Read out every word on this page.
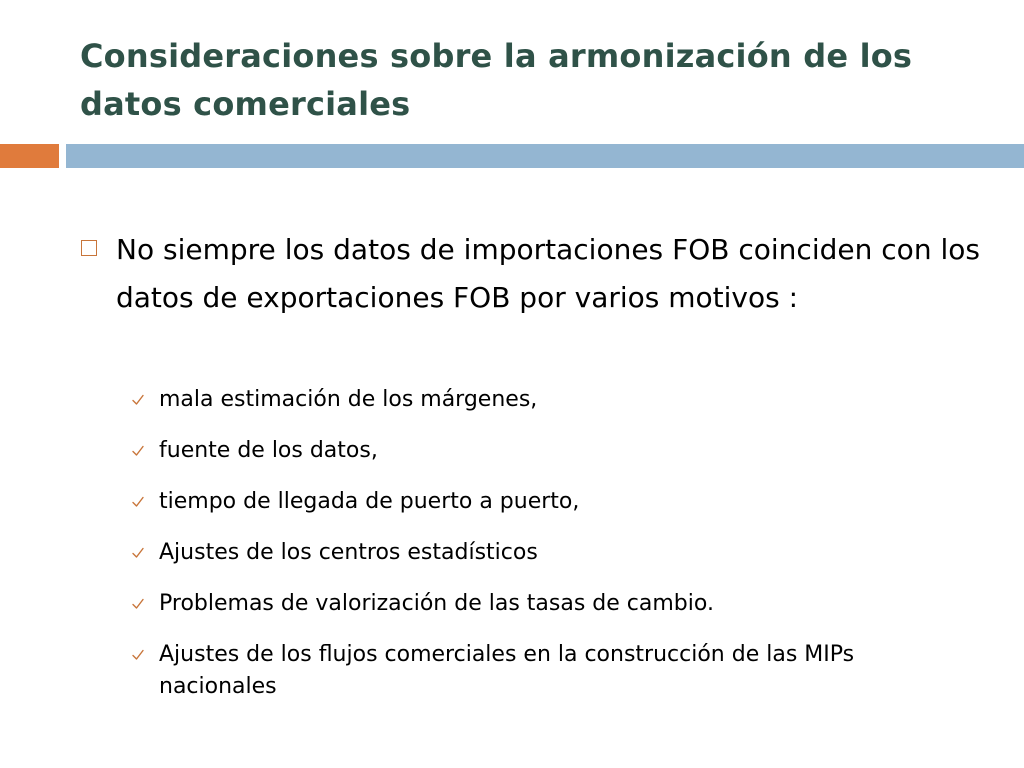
Consideraciones sobre la armonización de los datos comerciales
No siempre los datos de importaciones FOB coinciden con los datos de exportaciones FOB por varios motivos :
mala estimación de los márgenes,
fuente de los datos,
tiempo de llegada de puerto a puerto,
Ajustes de los centros estadísticos
Problemas de valorización de las tasas de cambio.
Ajustes de los flujos comerciales en la construcción de las MIPs nacionales
